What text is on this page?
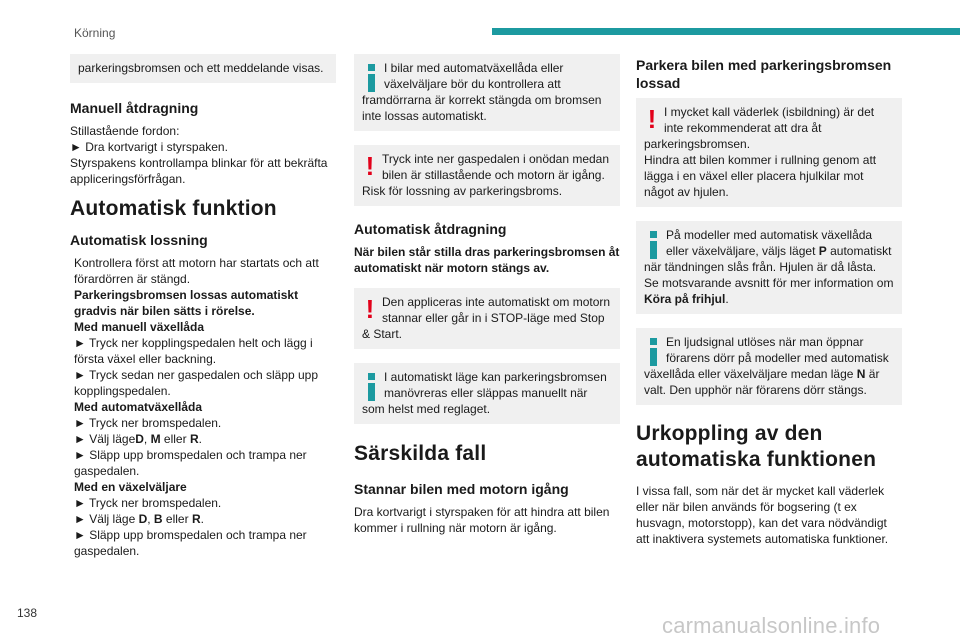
Körning

parkeringsbromsen och ett meddelande visas.

Manuell åtdragning

Stillastående fordon:

► Dra kortvarigt i styrspaken.

Styrspakens kontrollampa blinkar för att bekräfta appliceringsförfrågan.

Automatisk funktion
Automatisk lossning

Kontrollera först att motorn har startats och att förardörren är stängd.

Parkeringsbromsen lossas automatiskt gradvis när bilen sätts i rörelse.

Med manuell växellåda

► Tryck ner kopplingspedalen helt och lägg i första växel eller backning.

► Tryck sedan ner gaspedalen och släpp upp kopplingspedalen.

Med automatväxellåda

► Tryck ner bromspedalen.

► Välj lägeD, M eller R.

► Släpp upp bromspedalen och trampa ner gaspedalen.

Med en växelväljare

► Tryck ner bromspedalen.

► Välj läge D, B eller R.

► Släpp upp bromspedalen och trampa ner gaspedalen.

I bilar med automatväxellåda eller växelväljare bör du kontrollera att framdörrarna är korrekt stängda om bromsen inte lossas automatiskt.

! Tryck inte ner gaspedalen i onödan medan bilen är stillastående och motorn är igång. Risk för lossning av parkeringsbroms.

Automatisk åtdragning

När bilen står stilla dras parkeringsbromsen åt automatiskt när motorn stängs av.

! Den appliceras inte automatiskt om motorn stannar eller går in i STOP-läge med Stop & Start.

I automatiskt läge kan parkeringsbromsen manövreras eller släppas manuellt när som helst med reglaget.

Särskilda fall
Stannar bilen med motorn igång

Dra kortvarigt i styrspaken för att hindra att bilen kommer i rullning när motorn är igång.

Parkera bilen med parkeringsbromsen lossad
! I mycket kall väderlek (isbildning) är det inte rekommenderat att dra åt parkeringsbromsen.

Hindra att bilen kommer i rullning genom att lägga i en växel eller placera hjulkilar mot något av hjulen.

På modeller med automatisk växellåda eller växelväljare, väljs läget P automatiskt när tändningen slås från. Hjulen är då låsta.

Se motsvarande avsnitt för mer information om Köra på frihjul.

En ljudsignal utlöses när man öppnar förarens dörr på modeller med automatisk växellåda eller växelväljare medan läge N är valt. Den upphör när förarens dörr stängs.

Urkoppling av den automatiska funktionen

I vissa fall, som när det är mycket kall väderlek eller när bilen används för bogsering (t ex husvagn, motorstopp), kan det vara nödvändigt att inaktivera systemets automatiska funktioner.

138	carmanualsonline.info
